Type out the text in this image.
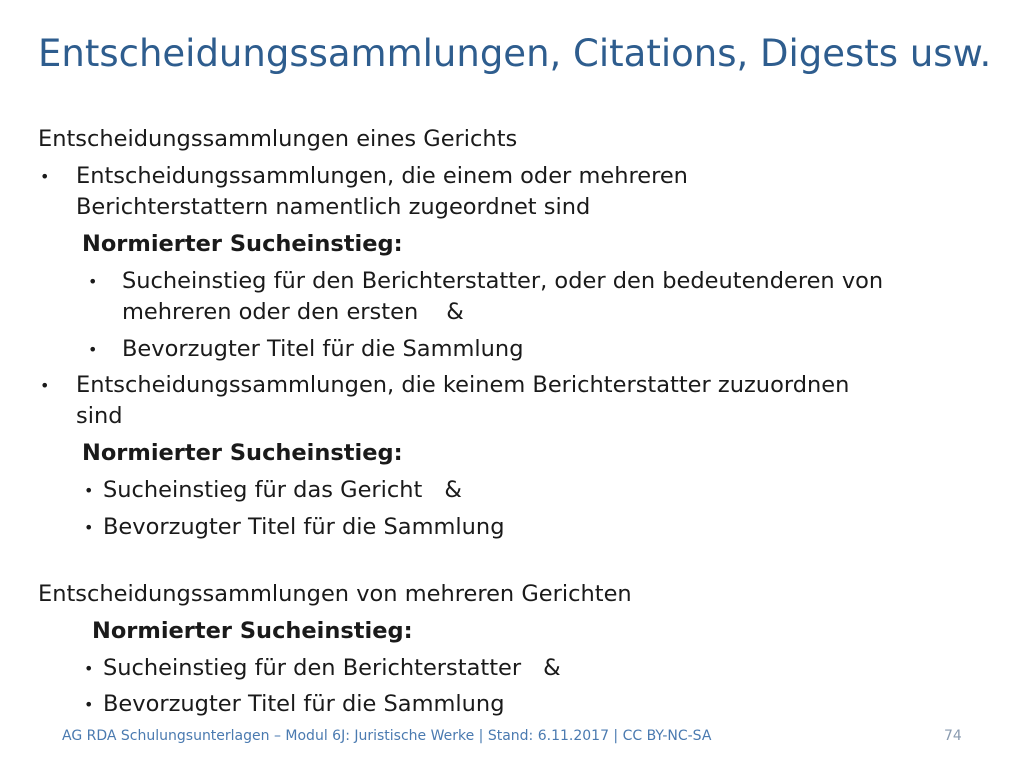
Entscheidungssammlungen, Citations, Digests usw.

Entscheidungssammlungen eines Gerichts

• Entscheidungssammlungen, die einem oder mehreren

Berichterstattern namentlich zugeordnet sind

Normierter Sucheinstieg:

• Sucheinstieg für den Berichterstatter, oder den bedeutenderen von

mehreren oder den ersten &

• Bevorzugter Titel für die Sammlung

• Entscheidungssammlungen, die keinem Berichterstatter zuzuordnen

sind

Normierter Sucheinstieg:

• Sucheinstieg für das Gericht &

• Bevorzugter Titel für die Sammlung

Entscheidungssammlungen von mehreren Gerichten

Normierter Sucheinstieg:

• Sucheinstieg für den Berichterstatter &

• Bevorzugter Titel für die Sammlung

AG RDA Schulungsunterlagen – Modul 6J: Juristische Werke | Stand: 6.11.2017 | CC BY-NC-SA	74
